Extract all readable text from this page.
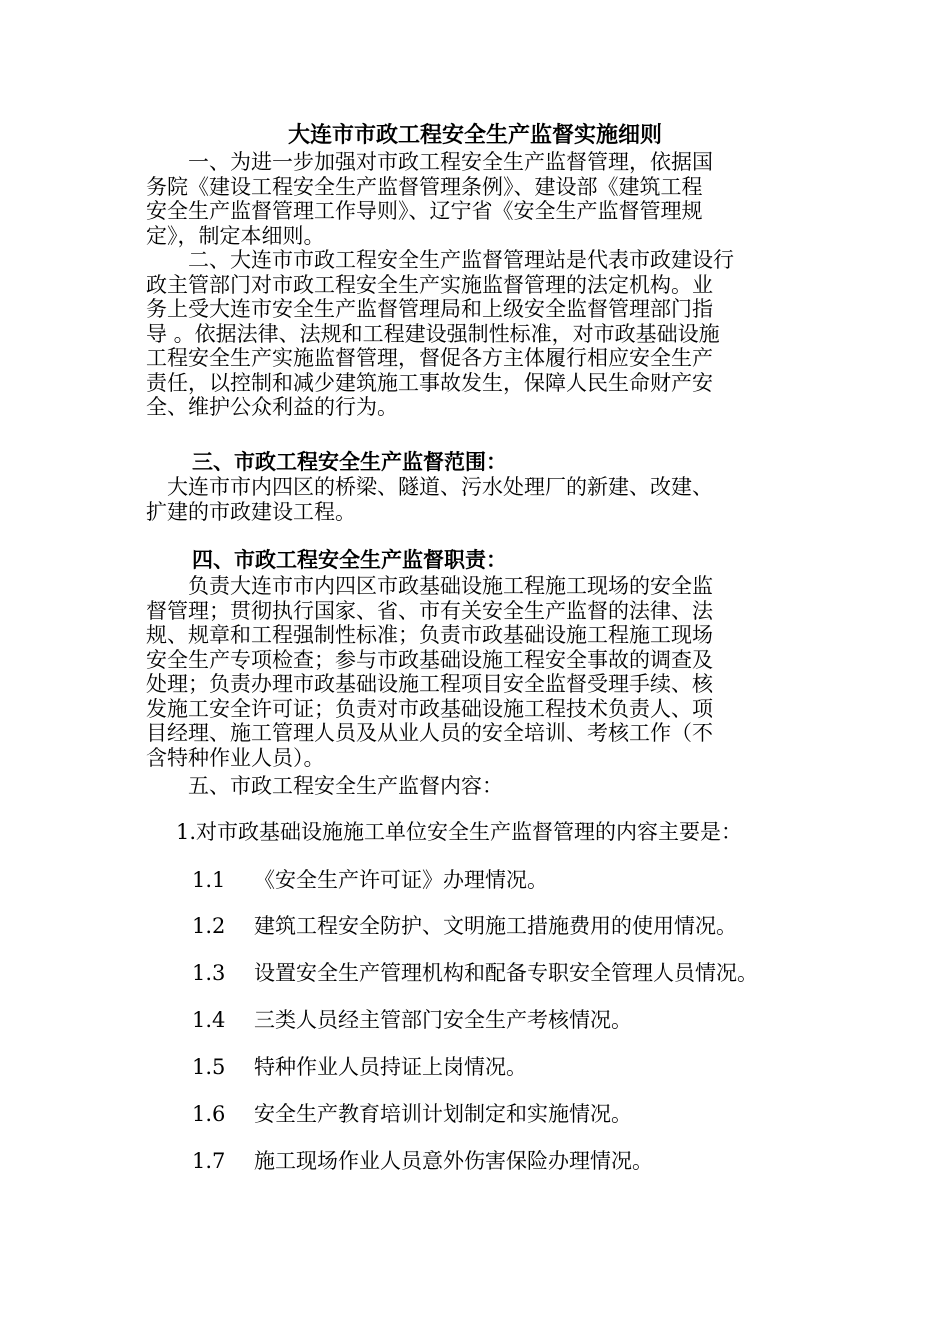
大连市市政工程安全生产监督实施细则
　　一、为进一步加强对市政工程安全生产监督管理，依据国
务院《建设工程安全生产监督管理条例》、建设部《建筑工程
安全生产监督管理工作导则》、辽宁省《安全生产监督管理规
定》，制定本细则。
　　二、大连市市政工程安全生产监督管理站是代表市政建设行
政主管部门对市政工程安全生产实施监督管理的法定机构。业
务上受大连市安全生产监督管理局和上级安全监督管理部门指
导 。依据法律、法规和工程建设强制性标准，对市政基础设施
工程安全生产实施监督管理，督促各方主体履行相应安全生产
责任，以控制和减少建筑施工事故发生，保障人民生命财产安
全、维护公众利益的行为。
三、市政工程安全生产监督范围：
　大连市市内四区的桥梁、隧道、污水处理厂的新建、改建、
扩建的市政建设工程。
四、市政工程安全生产监督职责：
　　负责大连市市内四区市政基础设施工程施工现场的安全监
督管理；贯彻执行国家、省、市有关安全生产监督的法律、法
规、规章和工程强制性标准；负责市政基础设施工程施工现场
安全生产专项检查；参与市政基础设施工程安全事故的调查及
处理；负责办理市政基础设施工程项目安全监督受理手续、核
发施工安全许可证；负责对市政基础设施工程技术负责人、项
目经理、施工管理人员及从业人员的安全培训、考核工作（不
含特种作业人员）。
　　五、市政工程安全生产监督内容：
1.对市政基础设施施工单位安全生产监督管理的内容主要是：
1.1 《安全生产许可证》办理情况。
1.2 建筑工程安全防护、文明施工措施费用的使用情况。
1.3 设置安全生产管理机构和配备专职安全管理人员情况。
1.4 三类人员经主管部门安全生产考核情况。
1.5 特种作业人员持证上岗情况。
1.6 安全生产教育培训计划制定和实施情况。
1.7 施工现场作业人员意外伤害保险办理情况。
